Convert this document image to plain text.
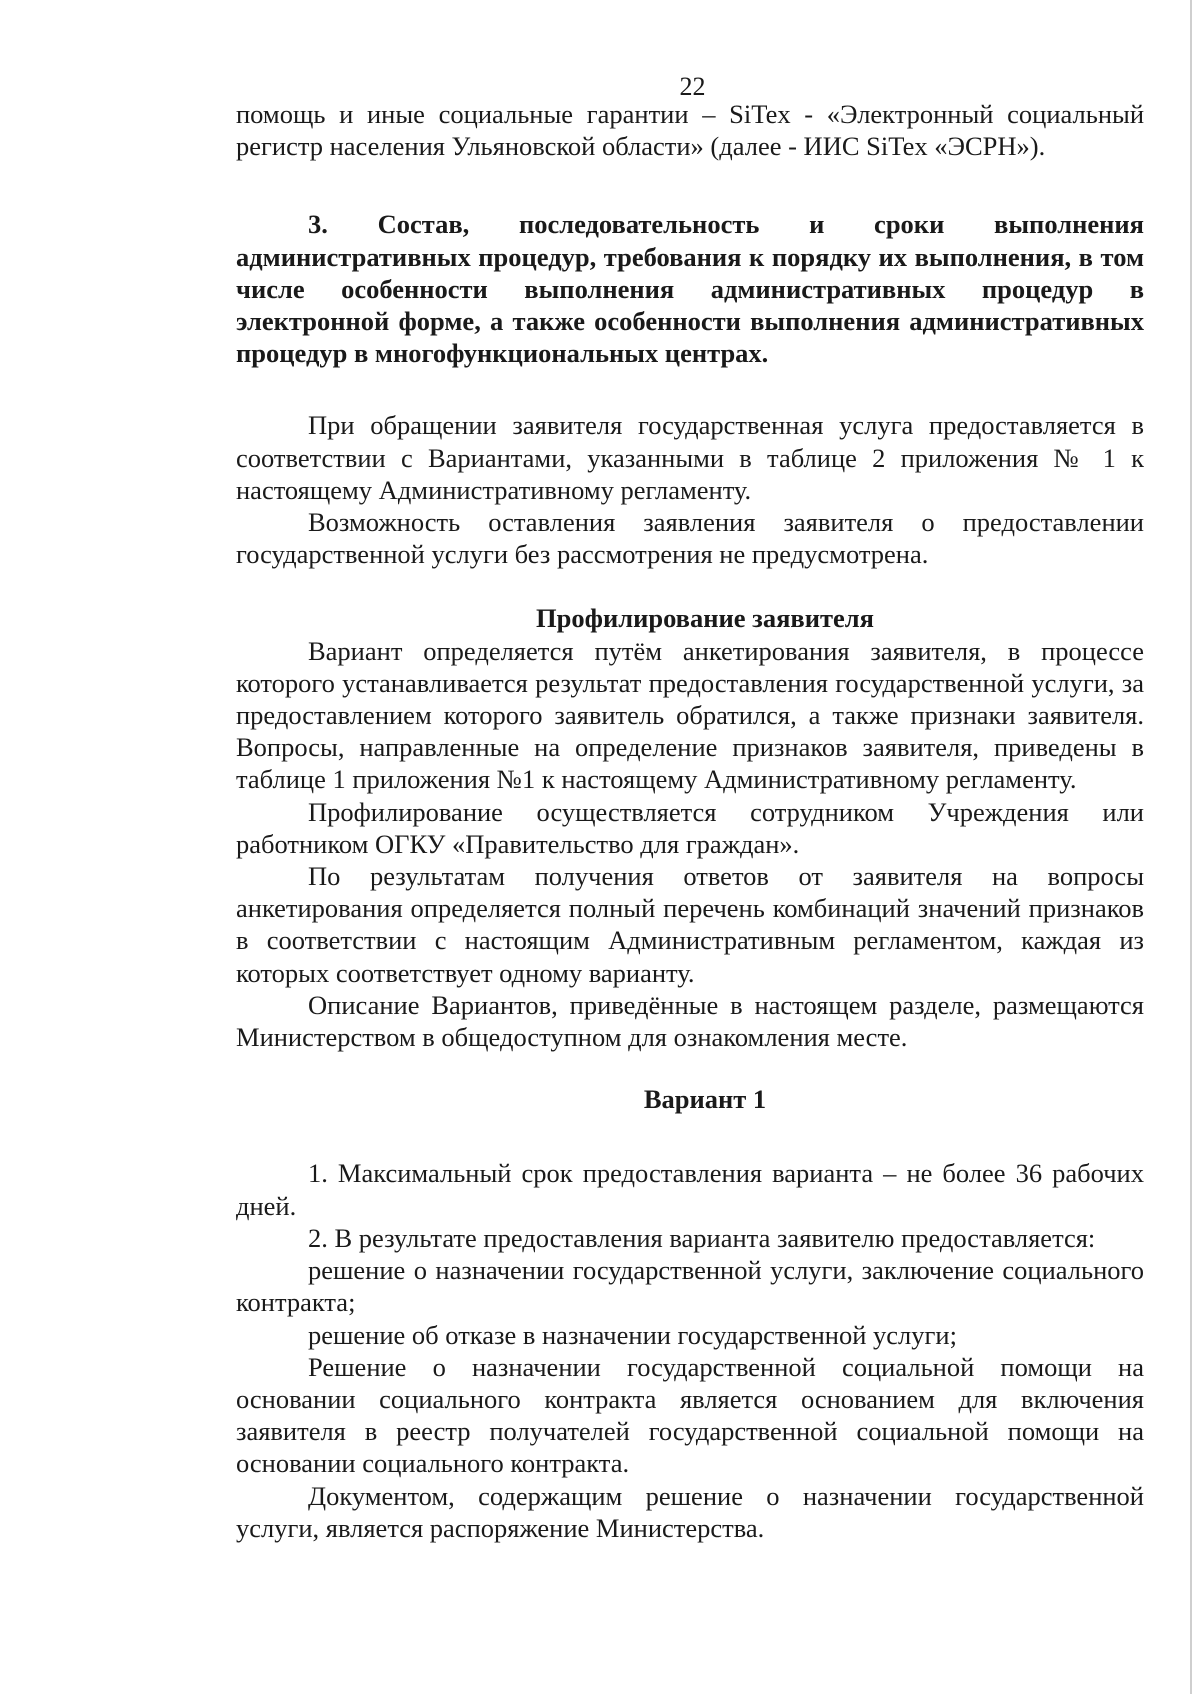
22

помощь и иные социальные гарантии – SiTex - «Электронный социальный регистр населения Ульяновской области» (далее - ИИС SiTex «ЭСРН»).

3. Состав, последовательность и сроки выполнения административных процедур, требования к порядку их выполнения, в том числе особенности выполнения административных процедур в электронной форме, а также особенности выполнения административных процедур в многофункциональных центрах.

При обращении заявителя государственная услуга предоставляется в соответствии с Вариантами, указанными в таблице 2 приложения № 1 к настоящему Административному регламенту.

Возможность оставления заявления заявителя о предоставлении государственной услуги без рассмотрения не предусмотрена.

Профилирование заявителя

Вариант определяется путём анкетирования заявителя, в процессе которого устанавливается результат предоставления государственной услуги, за предоставлением которого заявитель обратился, а также признаки заявителя. Вопросы, направленные на определение признаков заявителя, приведены в таблице 1 приложения №1 к настоящему Административному регламенту.

Профилирование осуществляется сотрудником Учреждения или работником ОГКУ «Правительство для граждан».

По результатам получения ответов от заявителя на вопросы анкетирования определяется полный перечень комбинаций значений признаков в соответствии с настоящим Административным регламентом, каждая из которых соответствует одному варианту.

Описание Вариантов, приведённые в настоящем разделе, размещаются Министерством в общедоступном для ознакомления месте.

Вариант 1

1. Максимальный срок предоставления варианта – не более 36 рабочих дней.

2. В результате предоставления варианта заявителю предоставляется:

решение о назначении государственной услуги, заключение социального контракта;

решение об отказе в назначении государственной услуги;

Решение о назначении государственной социальной помощи на основании социального контракта является основанием для включения заявителя в реестр получателей государственной социальной помощи на основании социального контракта.

Документом, содержащим решение о назначении государственной услуги, является распоряжение Министерства.
